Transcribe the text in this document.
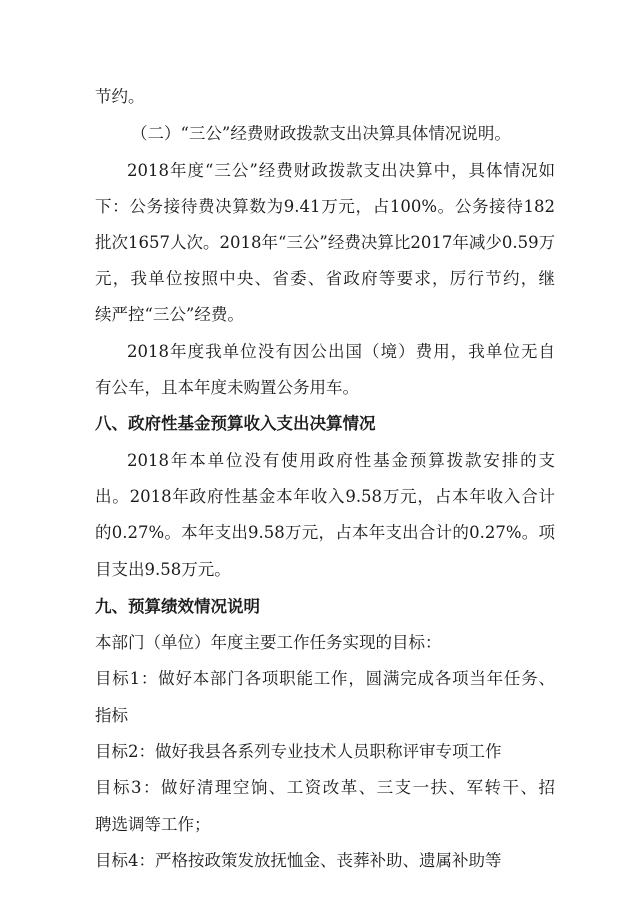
节约。
（二）“三公”经费财政拨款支出决算具体情况说明。
2018年度“三公”经费财政拨款支出决算中，具体情况如
下：公务接待费决算数为9.41万元，占100%。公务接待182
批次1657人次。2018年“三公”经费决算比2017年减少0.59万
元，我单位按照中央、省委、省政府等要求，厉行节约，继
续严控“三公”经费。
2018年度我单位没有因公出国（境）费用，我单位无自
有公车，且本年度未购置公务用车。
八、政府性基金预算收入支出决算情况
2018年本单位没有使用政府性基金预算拨款安排的支
出。2018年政府性基金本年收入9.58万元，占本年收入合计
的0.27%。本年支出9.58万元，占本年支出合计的0.27%。项
目支出9.58万元。
九、预算绩效情况说明
本部门（单位）年度主要工作任务实现的目标：
目标1：做好本部门各项职能工作，圆满完成各项当年任务、
指标
目标2：做好我县各系列专业技术人员职称评审专项工作
目标3：做好清理空饷、工资改革、三支一扶、军转干、招
聘选调等工作；
目标4：严格按政策发放抚恤金、丧葬补助、遗属补助等
